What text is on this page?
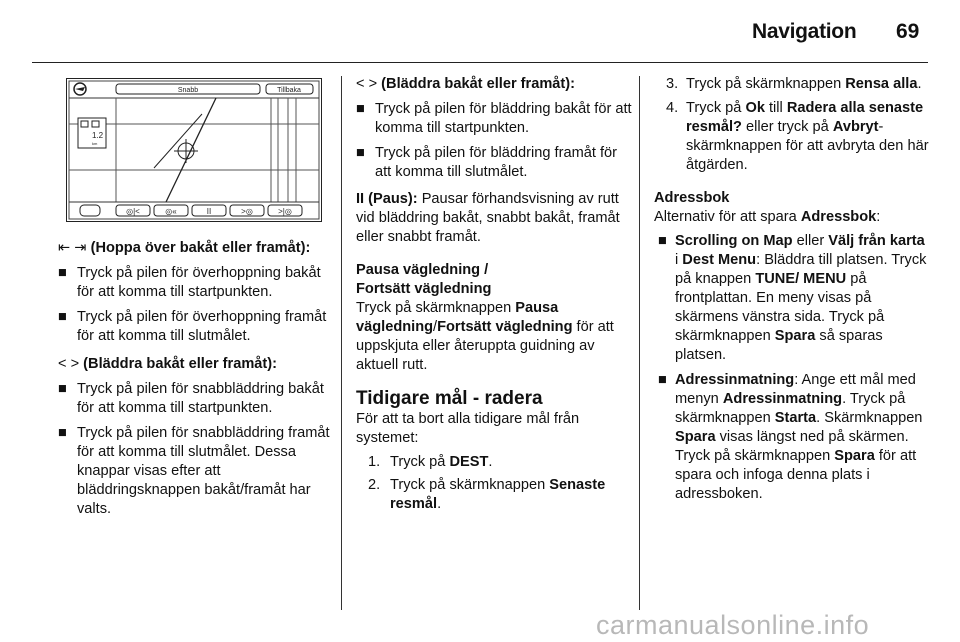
Navigation 69
Snabb	Tillbaka
1.2
km
◎|<	◎«	II	>◎	>|◎

⇤ ⇥ (Hoppa över bakåt eller framåt):

■ Tryck på pilen för överhoppning bakåt för att komma till startpunkten.

■ Tryck på pilen för överhoppning framåt för att komma till slutmålet.

< > (Bläddra bakåt eller framåt):

■ Tryck på pilen för snabbläddring bakåt för att komma till startpunkten.

■ Tryck på pilen för snabbläddring framåt för att komma till slutmålet. Dessa knappar visas efter att bläddringsknappen bakåt/framåt har valts.

< > (Bläddra bakåt eller framåt):

■ Tryck på pilen för bläddring bakåt för att komma till startpunkten.

■ Tryck på pilen för bläddring framåt för att komma till slutmålet.

II (Paus): Pausar förhandsvisning av rutt vid bläddring bakåt, snabbt bakåt, framåt eller snabbt framåt.

Pausa vägledning /
Fortsätt vägledning

Tryck på skärmknappen Pausa vägledning/Fortsätt vägledning för att uppskjuta eller återuppta guidning av aktuell rutt.

Tidigare mål - radera

För att ta bort alla tidigare mål från systemet:

1. Tryck på DEST.

2. Tryck på skärmknappen Senaste resmål.

3. Tryck på skärmknappen Rensa alla.

4. Tryck på Ok till Radera alla senaste resmål? eller tryck på Avbryt-skärmknappen för att avbryta den här åtgärden.

Adressbok

Alternativ för att spara Adressbok:

■ Scrolling on Map eller Välj från karta i Dest Menu: Bläddra till platsen. Tryck på knappen TUNE/ MENU på frontplattan. En meny visas på skärmens vänstra sida. Tryck på skärmknappen Spara så sparas platsen.

■ Adressinmatning: Ange ett mål med menyn Adressinmatning. Tryck på skärmknappen Starta. Skärmknappen Spara visas längst ned på skärmen. Tryck på skärmknappen Spara för att spara och infoga denna plats i adressboken.

carmanualsonline.info
